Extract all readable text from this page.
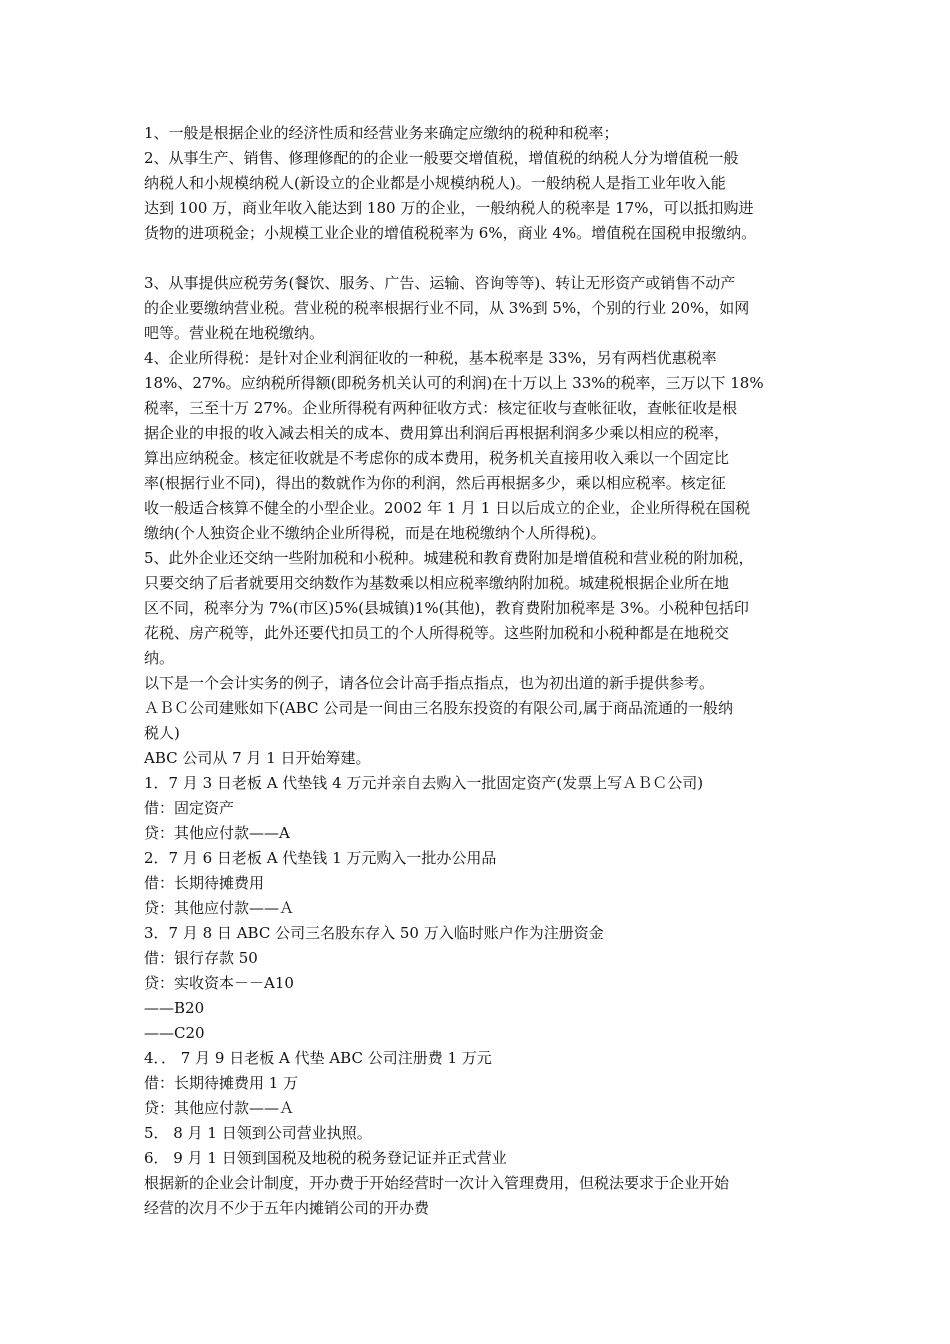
1、一般是根据企业的经济性质和经营业务来确定应缴纳的税种和税率；
2、从事生产、销售、修理修配的的企业一般要交增值税，增值税的纳税人分为增值税一般
纳税人和小规模纳税人(新设立的企业都是小规模纳税人)。一般纳税人是指工业年收入能
达到 100 万，商业年收入能达到 180 万的企业，一般纳税人的税率是 17%，可以抵扣购进
货物的进项税金；小规模工业企业的增值税税率为 6%，商业 4%。增值税在国税申报缴纳。
3、从事提供应税劳务(餐饮、服务、广告、运输、咨询等等)、转让无形资产或销售不动产
的企业要缴纳营业税。营业税的税率根据行业不同，从 3%到 5%，个别的行业 20%，如网
吧等。营业税在地税缴纳。
4、企业所得税：是针对企业利润征收的一种税，基本税率是 33%，另有两档优惠税率
18%、27%。应纳税所得额(即税务机关认可的利润)在十万以上 33%的税率，三万以下 18%
税率，三至十万 27%。企业所得税有两种征收方式：核定征收与查帐征收，查帐征收是根
据企业的申报的收入减去相关的成本、费用算出利润后再根据利润多少乘以相应的税率，
算出应纳税金。核定征收就是不考虑你的成本费用，税务机关直接用收入乘以一个固定比
率(根据行业不同)，得出的数就作为你的利润，然后再根据多少，乘以相应税率。核定征
收一般适合核算不健全的小型企业。2002 年 1 月 1 日以后成立的企业，企业所得税在国税
缴纳(个人独资企业不缴纳企业所得税，而是在地税缴纳个人所得税)。
5、此外企业还交纳一些附加税和小税种。城建税和教育费附加是增值税和营业税的附加税，
只要交纳了后者就要用交纳数作为基数乘以相应税率缴纳附加税。城建税根据企业所在地
区不同，税率分为 7%(市区)5%(县城镇)1%(其他)，教育费附加税率是 3%。小税种包括印
花税、房产税等，此外还要代扣员工的个人所得税等。这些附加税和小税种都是在地税交
纳。
以下是一个会计实务的例子，请各位会计高手指点指点，也为初出道的新手提供参考。
ＡＢＣ公司建账如下(ABC 公司是一间由三名股东投资的有限公司,属于商品流通的一般纳
税人)
ABC 公司从 7 月 1 日开始筹建。
1．7 月 3 日老板 A 代垫钱 4 万元并亲自去购入一批固定资产(发票上写ＡＢＣ公司)
借：固定资产
贷：其他应付款——A
2．7 月 6 日老板 A 代垫钱 1 万元购入一批办公用品
借：长期待摊费用
贷：其他应付款——Ａ
3．7 月 8 日 ABC 公司三名股东存入 50 万入临时账户作为注册资金
借：银行存款 50
贷：实收资本－－A10
——B20
——C20
4．． 7 月 9 日老板 A 代垫 ABC 公司注册费 1 万元
借：长期待摊费用 1 万
贷：其他应付款——Ａ
5． 8 月 1 日领到公司营业执照。
6． 9 月 1 日领到国税及地税的税务登记证并正式营业
根据新的企业会计制度，开办费于开始经营时一次计入管理费用，但税法要求于企业开始
经营的次月不少于五年内摊销公司的开办费
